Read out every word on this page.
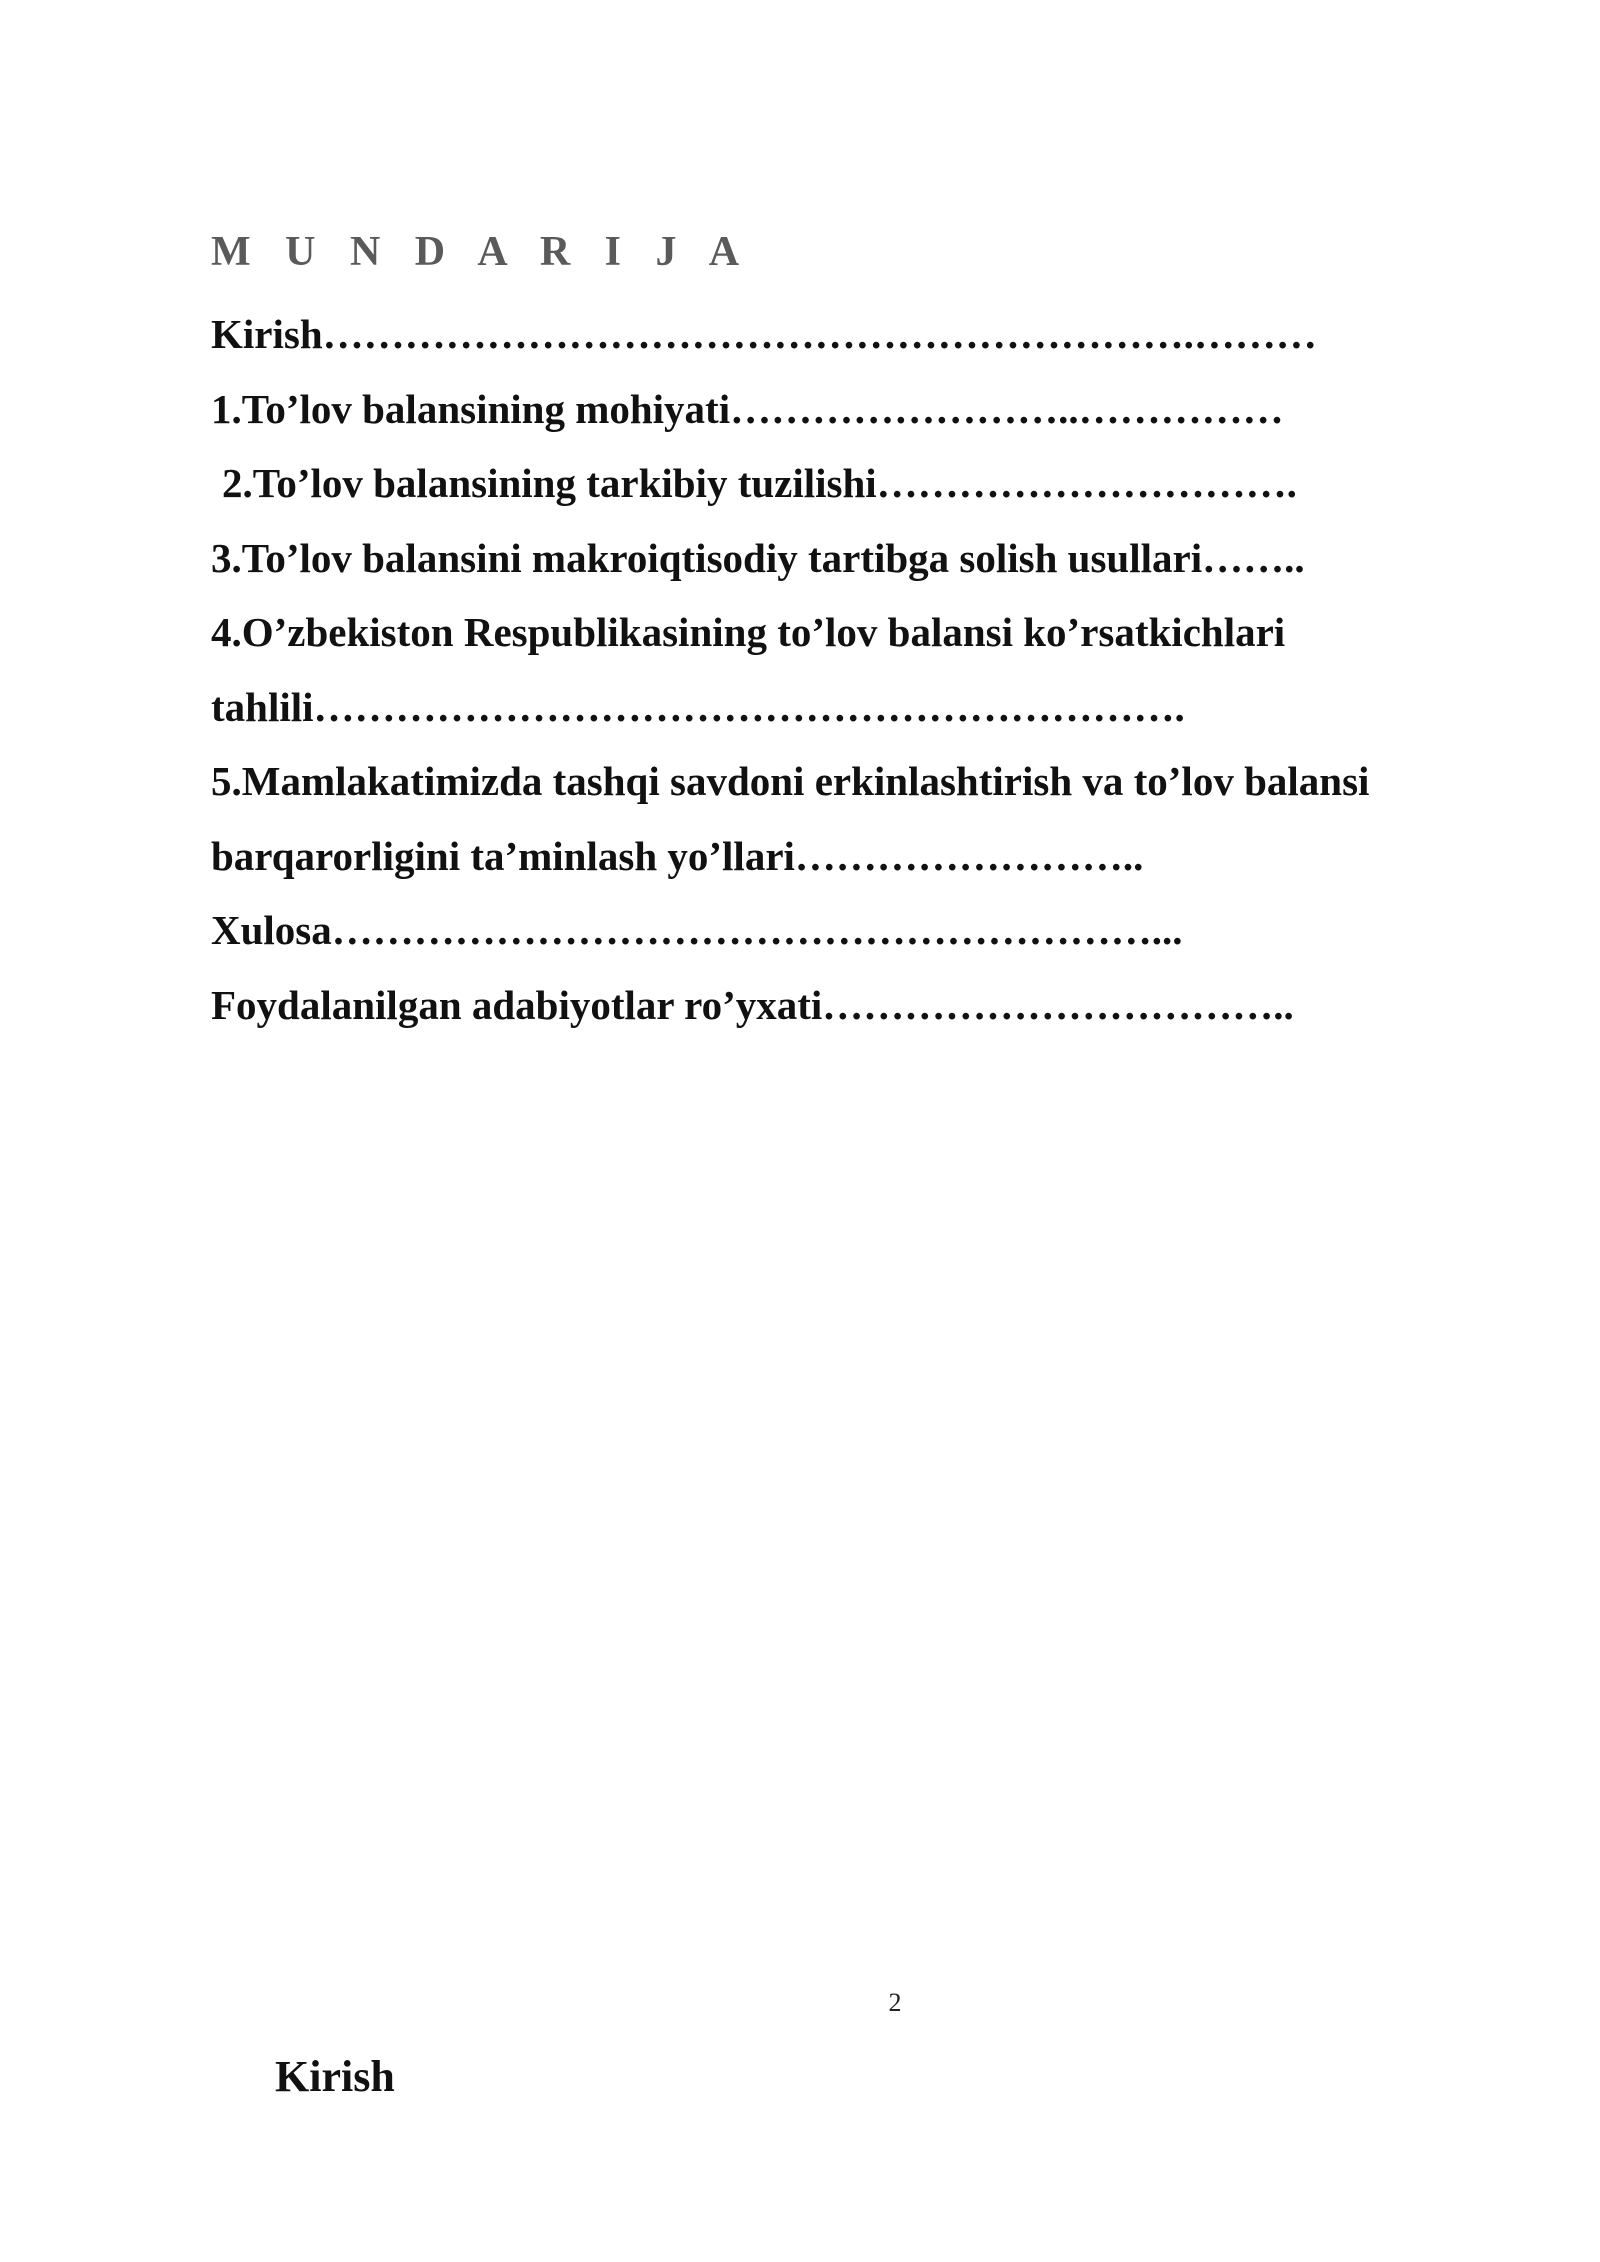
M U N D A R I J A
Kirish……………………………………………………….………
1.To’lov balansining mohiyati……………………..……………
2.To’lov balansining tarkibiy tuzilishi………………………….
3.To’lov balansini makroiqtisodiy tartibga solish usullari……..
4.O’zbekiston Respublikasining to’lov balansi ko’rsatkichlari
tahlili……………………………………………………….
5.Mamlakatimizda tashqi savdoni erkinlashtirish va to’lov balansi
barqarorligini ta’minlash yo’llari……………………..
Xulosa……………………………………………………...
Foydalanilgan adabiyotlar ro’yxati……………………………..
2
Kirish
